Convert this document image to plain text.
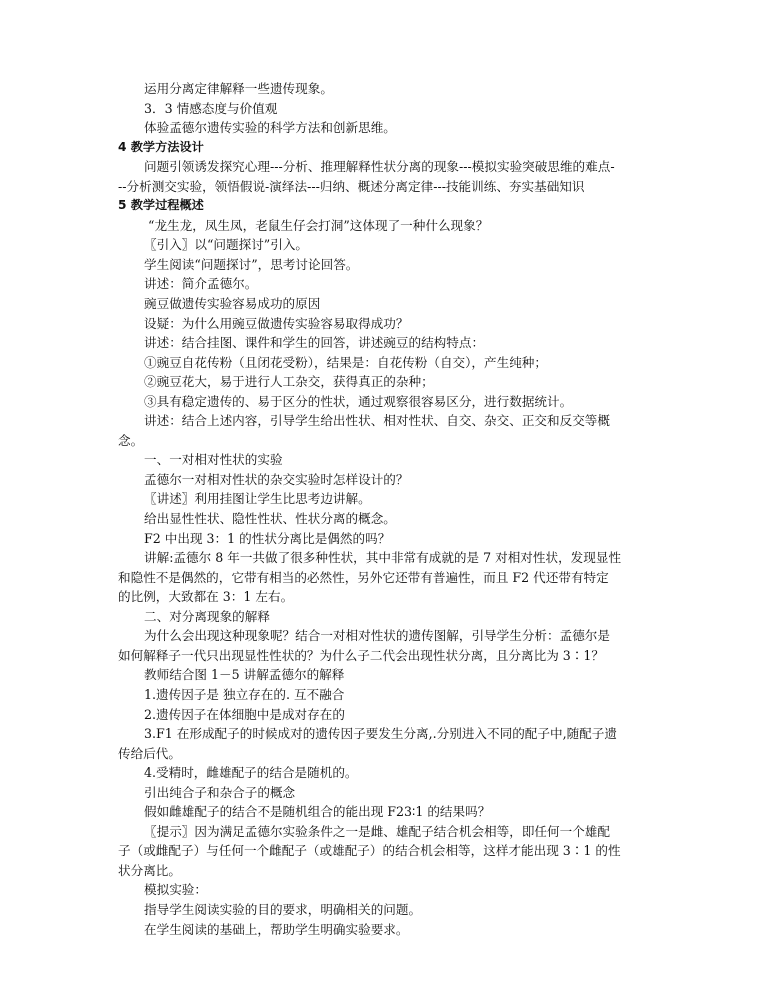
运用分离定律解释一些遗传现象。
3．3 情感态度与价值观
体验孟德尔遗传实验的科学方法和创新思维。
4 教学方法设计
问题引领诱发探究心理---分析、推理解释性状分离的现象---模拟实验突破思维的难点-
--分析测交实验，领悟假说-演绎法---归纳、概述分离定律---技能训练、夯实基础知识
5 教学过程概述
“龙生龙，凤生凤，老鼠生仔会打洞”这体现了一种什么现象？
〖引入〗以“问题探讨”引入。
学生阅读“问题探讨”，思考讨论回答。
讲述：简介孟德尔。
豌豆做遗传实验容易成功的原因
设疑：为什么用豌豆做遗传实验容易取得成功？
讲述：结合挂图、课件和学生的回答，讲述豌豆的结构特点：
①豌豆自花传粉（且闭花受粉），结果是：自花传粉（自交），产生纯种；
②豌豆花大，易于进行人工杂交，获得真正的杂种；
③具有稳定遗传的、易于区分的性状，通过观察很容易区分，进行数据统计。
讲述：结合上述内容，引导学生给出性状、相对性状、自交、杂交、正交和反交等概
念。
一、一对相对性状的实验
孟德尔一对相对性状的杂交实验时怎样设计的？
〖讲述〗利用挂图让学生比思考边讲解。
给出显性性状、隐性性状、性状分离的概念。
F2 中出现 3：1 的性状分离比是偶然的吗？
讲解:孟德尔 8 年一共做了很多种性状，其中非常有成就的是 7 对相对性状，发现显性
和隐性不是偶然的，它带有相当的必然性，另外它还带有普遍性，而且 F2 代还带有特定
的比例，大致都在 3：1 左右。
二、对分离现象的解释
为什么会出现这种现象呢？结合一对相对性状的遗传图解，引导学生分析：孟德尔是
如何解释子一代只出现显性性状的？为什么子二代会出现性状分离，且分离比为 3∶1？
教师结合图 1－5 讲解孟德尔的解释
1.遗传因子是 独立存在的. 互不融合
2.遗传因子在体细胞中是成对存在的
3.F1 在形成配子的时候成对的遗传因子要发生分离,.分别进入不同的配子中,随配子遗
传给后代。
4.受精时，雌雄配子的结合是随机的。
引出纯合子和杂合子的概念
假如雌雄配子的结合不是随机组合的能出现 F23∶1 的结果吗？
〖提示〗因为满足孟德尔实验条件之一是雌、雄配子结合机会相等，即任何一个雄配
子（或雌配子）与任何一个雌配子（或雄配子）的结合机会相等，这样才能出现 3∶1 的性
状分离比。
模拟实验：
指导学生阅读实验的目的要求，明确相关的问题。
在学生阅读的基础上，帮助学生明确实验要求。
